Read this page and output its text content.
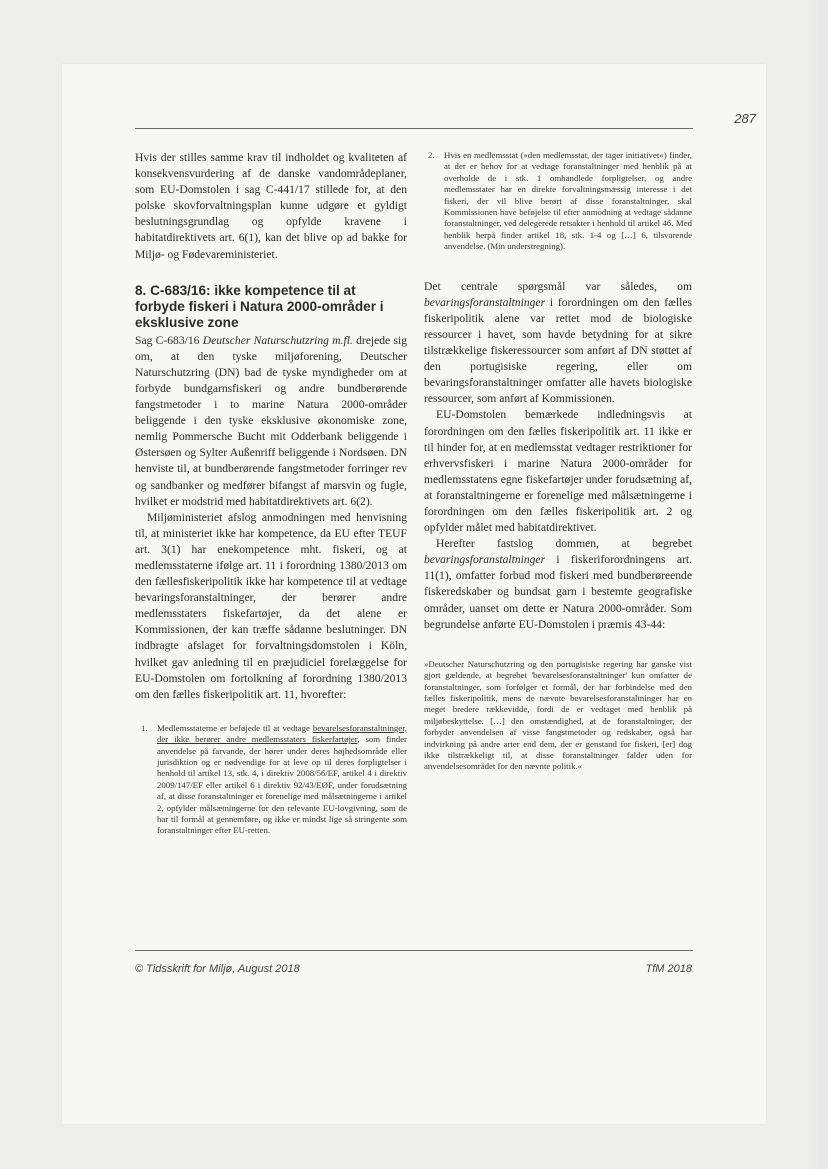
287

Hvis der stilles samme krav til indholdet og kvaliteten af konsekvensvurdering af de danske vandområdeplaner, som EU-Domstolen i sag C-441/17 stillede for, at den polske skovforvaltningsplan kunne udgøre et gyldigt beslutningsgrundlag og opfylde kravene i habitatdirektivets art. 6(1), kan det blive op ad bakke for Miljø- og Fødevareministeriet.

8. C-683/16: ikke kompetence til at forbyde fiskeri i Natura 2000-områder i eksklusive zone

Sag C-683/16 Deutscher Naturschutzring m.fl. drejede sig om, at den tyske miljøforening, Deutscher Naturschutzring (DN) bad de tyske myndigheder om at forbyde bundgarnsfiskeri og andre bundberørende fangstmetoder i to marine Natura 2000-områder beliggende i den tyske eksklusive økonomiske zone, nemlig Pommersche Bucht mit Odderbank beliggende i Østersøen og Sylter Außenriff beliggende i Nordsøen. DN henviste til, at bundberørende fangstmetoder forringer rev og sandbanker og medfører bifangst af marsvin og fugle, hvilket er modstrid med habitatdirektivets art. 6(2).

Miljøministeriet afslog anmodningen med henvisning til, at ministeriet ikke har kompetence, da EU efter TEUF art. 3(1) har enekompetence mht. fiskeri, og at medlemsstaterne ifølge art. 11 i forordning 1380/2013 om den fællesfiskeripolitik ikke har kompetence til at vedtage bevaringsforanstaltninger, der berører andre medlemsstaters fiskefartøjer, da det alene er Kommissionen, der kan træffe sådanne beslutninger. DN indbragte afslaget for forvaltningsdomstolen i Köln, hvilket gav anledning til en præjudiciel forelæggelse for EU-Domstolen om fortolkning af forordning 1380/2013 om den fælles fiskeripolitik art. 11, hvorefter:

1.	Medlemsstaterne er beføjede til at vedtage bevarelsesforanstaltninger, der ikke berører andre medlemsstaters fiskerfartøjer, som finder anvendelse på farvande, der hører under deres højhedsområde eller jurisdiktion og er nødvendige for at leve op til deres forpligtelser i henhold til artikel 13, stk. 4, i direktiv 2008/56/EF, artikel 4 i direktiv 2009/147/EF eller artikel 6 i direktiv 92/43/EØF, under forudsætning af, at disse foranstaltninger er forenelige med målsætningerne i artikel 2, opfylder målsætningerne for den relevante EU-lovgivning, som de har til formål at gennemføre, og ikke er mindst lige så stringente som foranstaltninger efter EU-retten.
2.	Hvis en medlemsstat (»den medlemsstat, der tager initiativet«) finder, at der er behov for at vedtage foranstaltninger med henblik på at overholde de i stk. 1 omhandlede forpligtelser, og andre medlemsstater har en direkte forvaltningsmæssig interesse i det fiskeri, der vil blive berørt af disse foranstaltninger, skal Kommissionen have beføjelse til efter anmodning at vedtage sådanne foranstaltninger, ved delegerede retsakter i henhold til artikel 46. Med henblik herpå finder artikel 18, stk. 1-4 og […] 6, tilsvarende anvendelse. (Min understregning).

Det centrale spørgsmål var således, om bevaringsforanstaltninger i forordningen om den fælles fiskeripolitik alene var rettet mod de biologiske ressourcer i havet, som havde betydning for at sikre tilstrækkelige fiskeressourcer som anført af DN støttet af den portugisiske regering, eller om bevaringsforanstaltninger omfatter alle havets biologiske ressourcer, som anført af Kommissionen.

EU-Domstolen bemærkede indledningsvis at forordningen om den fælles fiskeripolitik art. 11 ikke er til hinder for, at en medlemsstat vedtager restriktioner for erhvervsfiskeri i marine Natura 2000-områder for medlemsstatens egne fiskefartøjer under forudsætning af, at foranstaltningerne er forenelige med målsætningerne i forordningen om den fælles fiskeripolitik art. 2 og opfylder målet med habitatdirektivet.

Herefter fastslog dommen, at begrebet bevaringsforanstaltninger i fiskeriforordningens art. 11(1), omfatter forbud mod fiskeri med bundberøreende fiskeredskaber og bundsat garn i bestemte geografiske områder, uanset om dette er Natura 2000-områder. Som begrundelse anførte EU-Domstolen i præmis 43-44:

»Deutscher Naturschutzring og den portugisiske regering har ganske vist gjort gældende, at begrebet 'bevarelsesforanstaltninger' kun omfatter de foranstaltninger, som forfølger et formål, der har forbindelse med den fælles fiskeripolitik, mens de nævnte bevarelsesforanstaltninger har en meget bredere rækkevidde, fordi de er vedtaget med henblik på miljøbeskyttelse. […] den omstændighed, at de foranstaltninger, der forbyder anvendelsen af visse fangstmetoder og redskaber, også har indvirkning på andre arter end dem, der er genstand for fiskeri, [er] dog ikke tilstrækkeligt til, at disse foranstaltninger falder uden for anvendelsesområdet for den nævnte politik.«

© Tidsskrift for Miljø, August 2018	TfM 2018
